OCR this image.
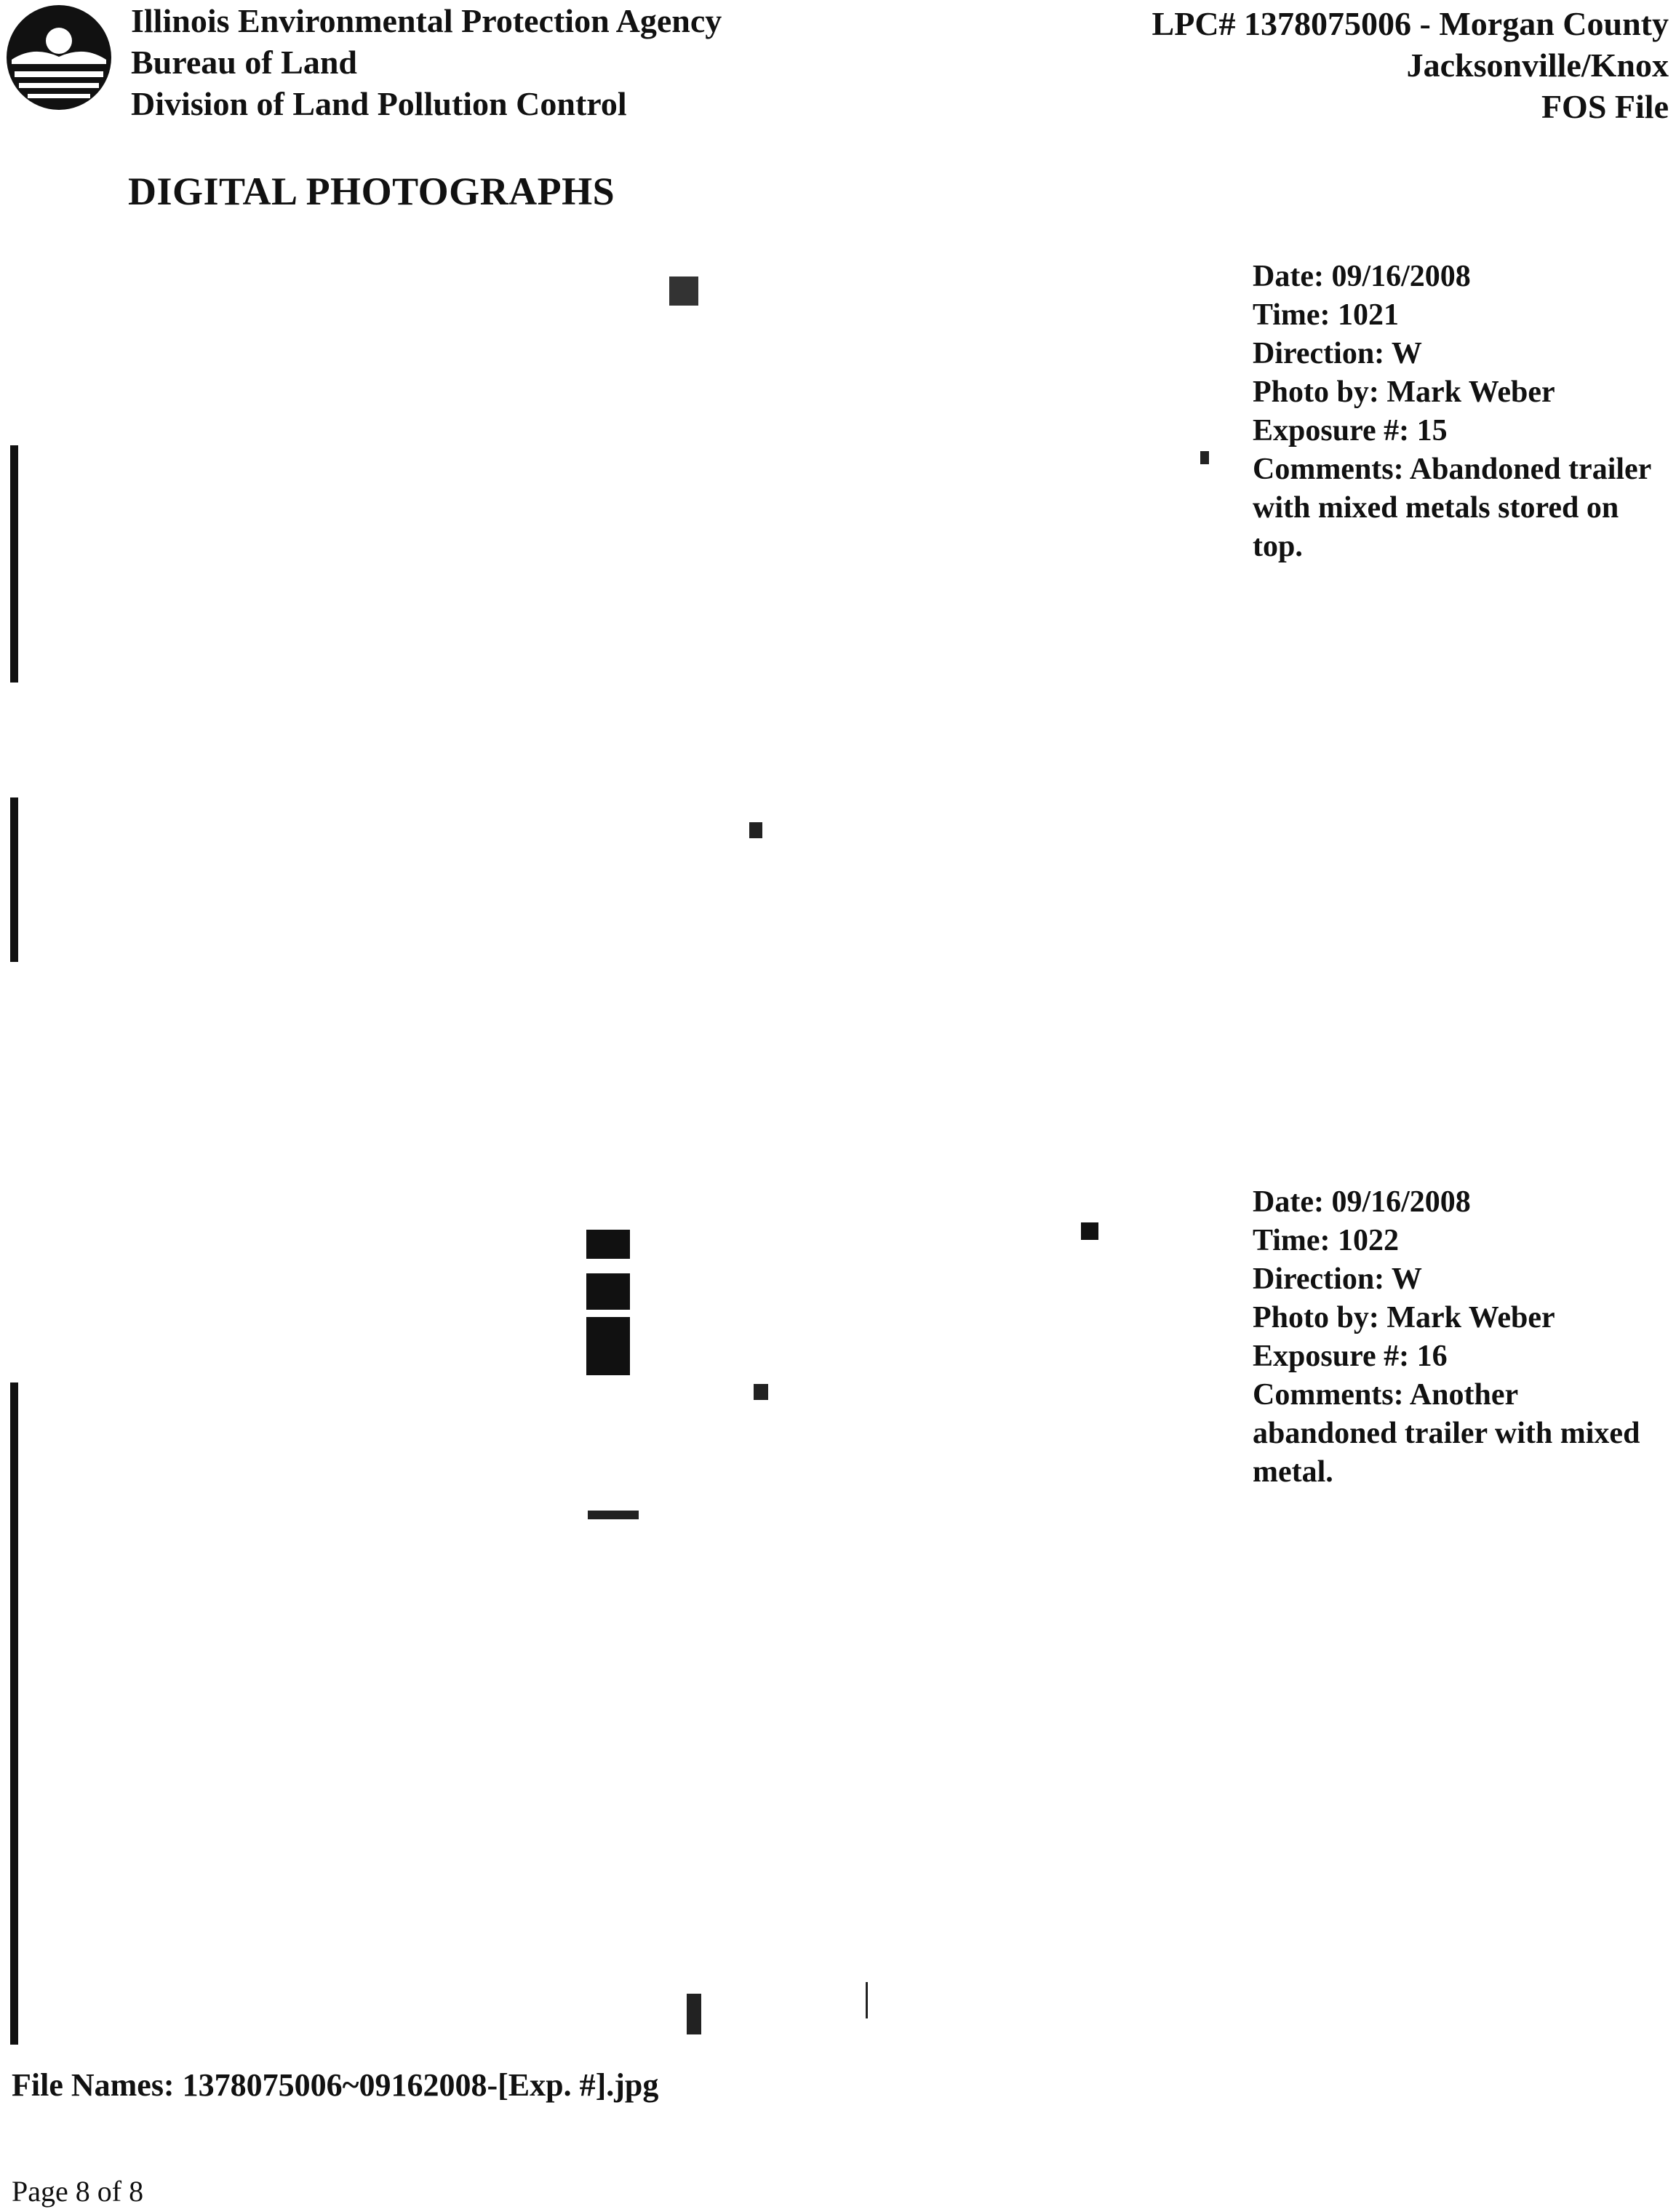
Illinois Environmental Protection Agency
Bureau of Land
Division of Land Pollution Control
LPC# 1378075006 - Morgan County
Jacksonville/Knox
FOS File
DIGITAL PHOTOGRAPHS
Date: 09/16/2008
Time: 1021
Direction: W
Photo by: Mark Weber
Exposure #: 15
Comments: Abandoned trailer with mixed metals stored on top.
Date: 09/16/2008
Time: 1022
Direction: W
Photo by: Mark Weber
Exposure #: 16
Comments: Another abandoned trailer with mixed metal.
File Names: 1378075006~09162008-[Exp. #].jpg
Page 8 of 8
